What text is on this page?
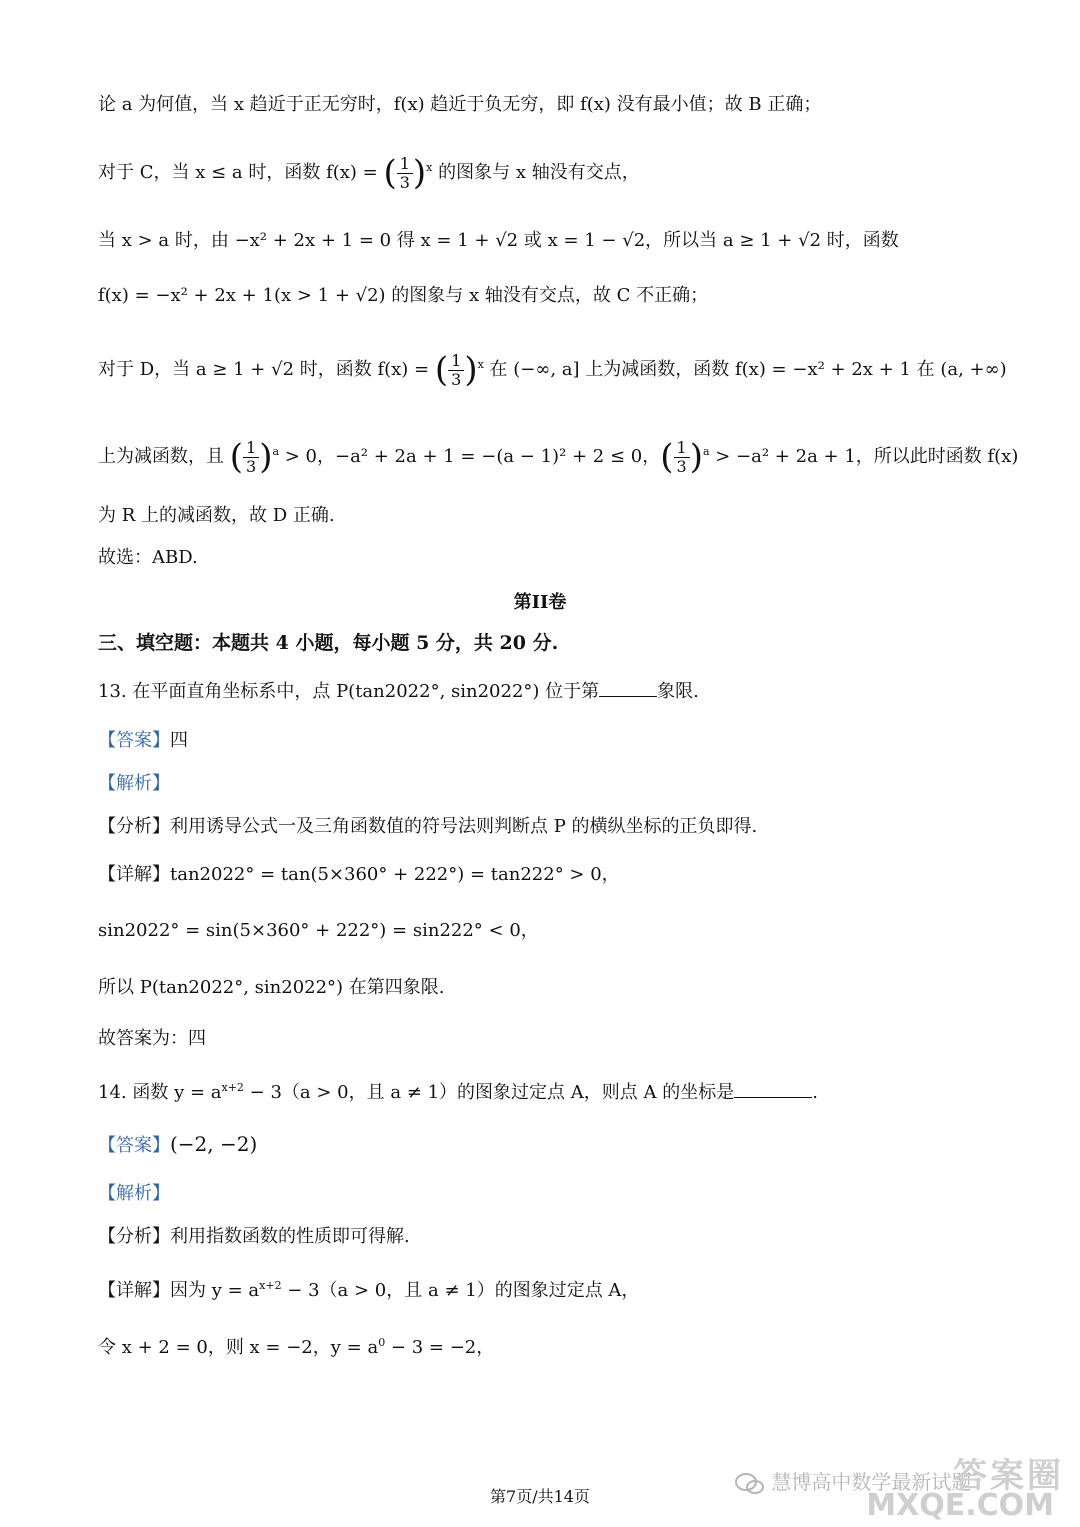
论 a 为何值，当 x 趋近于正无穷时，f(x) 趋近于负无穷，即 f(x) 没有最小值；故 B 正确；
对于 C，当 x ≤ a 时，函数 f(x) = ( $\frac{1}{3} )^x$ 的图象与 x 轴没有交点，
当 x > a 时，由 −x² + 2x + 1 = 0 得 x = 1 + √2 或 x = 1 − √2，所以当 a ≥ 1 + √2 时，函数
f(x) = −x² + 2x + 1(x > 1 + √2) 的图象与 x 轴没有交点，故 C 不正确；
对于 D，当 a ≥ 1 + √2 时，函数 f(x) = ( $\frac{1}{3} )^x$ 在 (−∞, a] 上为减函数，函数 f(x) = −x² + 2x + 1 在 (a, +∞)
上为减函数，且 ( $\frac{1}{3} )^a > 0$，−a² + 2a + 1 = −(a − 1)² + 2 ≤ 0，( $\frac{1}{3} )^a > -a^2 + 2a + 1$，所以此时函数 f(x)
为 R 上的减函数，故 D 正确.
故选：ABD.
第II卷
三、填空题：本题共 4 小题，每小题 5 分，共 20 分.
13. 在平面直角坐标系中，点 P(tan2022°, sin2022°) 位于第	象限.
【答案】四
【解析】
【分析】利用诱导公式一及三角函数值的符号法则判断点 P 的横纵坐标的正负即得.
【详解】tan2022° = tan(5×360° + 222°) = tan222° > 0，
sin2022° = sin(5×360° + 222°) = sin222° < 0，
所以 P(tan2022°, sin2022°) 在第四象限.
故答案为：四
14. 函数 $y = a^{x+2} - 3(a > 0$，且 a ≠ 1）的图象过定点 A，则点 A 的坐标是	.
【答案】(−2, −2)
【解析】
【分析】利用指数函数的性质即可得解.
【详解】因为 $y = a^{x+2} - 3(a > 0$，且 a ≠ 1）的图象过定点 A，
令 x + 2 = 0，则 x = −2，$y = a^0 - 3 = -2$，
慧博高中数学最新试题
答案圈
MXQE.COM
第7页/共14页
